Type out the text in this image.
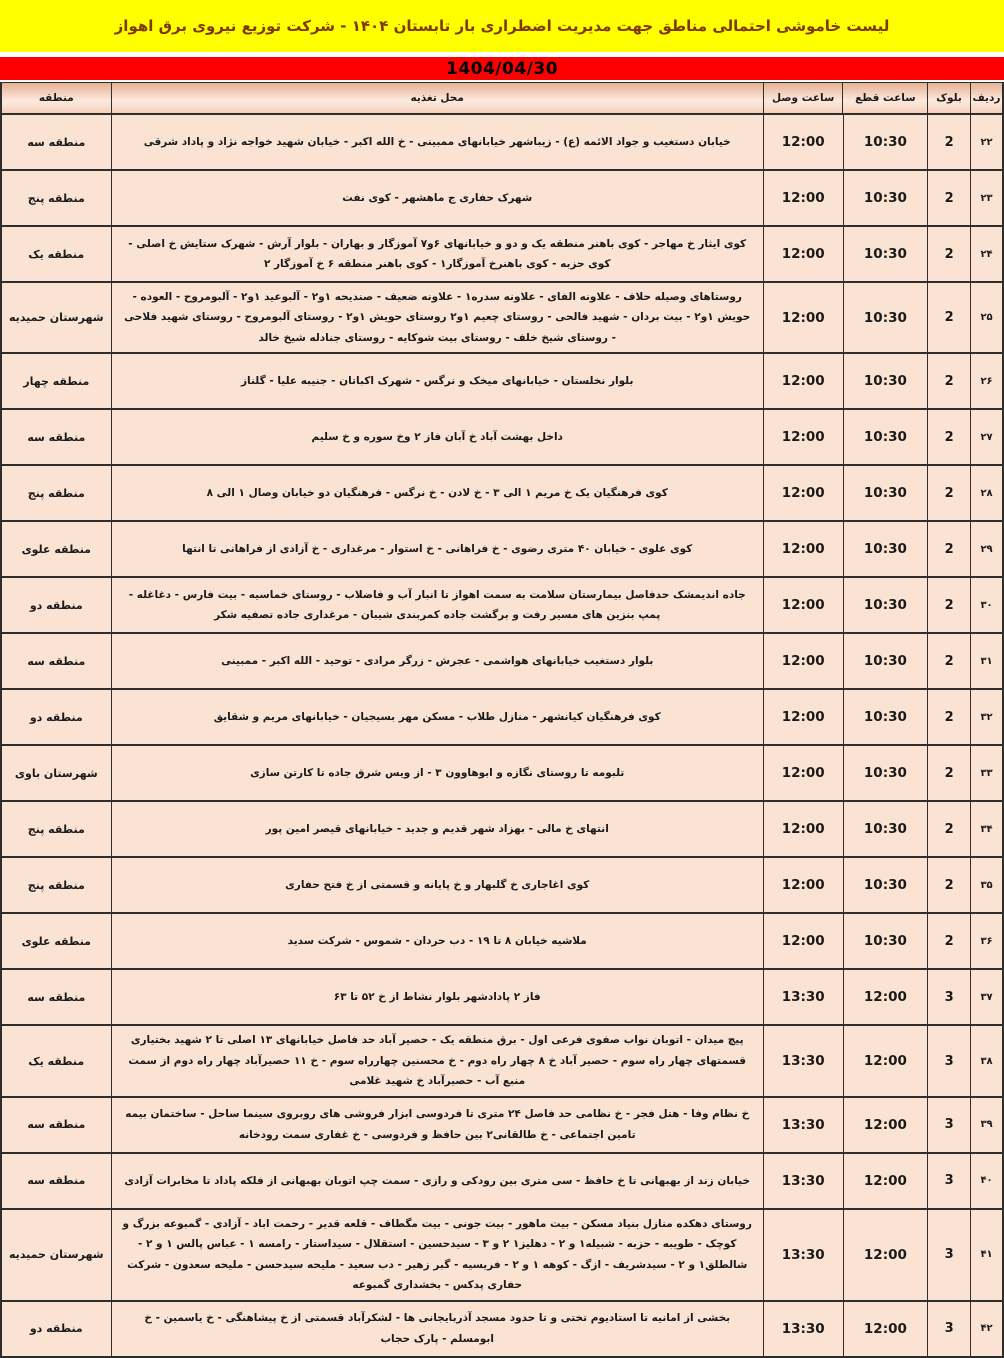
لیست خاموشی احتمالی مناطق جهت مدیریت اضطراری بار تابستان ۱۴۰۴ - شرکت توزیع نیروی برق اهواز
1404/04/30
ردیف
بلوک
ساعت قطع
ساعت وصل
محل تغذیه
منطقه
۲۲
2
10:30
12:00
خیابان دستغیب و جواد الائمه (ع) - زیباشهر خیابانهای ممبینی - خ الله اکبر - خیابان شهید خواجه نژاد و پاداد شرقی
منطقه سه
۲۳
2
10:30
12:00
شهرک حفاری ج ماهشهر - کوی نفت
منطقه پنج
۲۴
2
10:30
12:00
کوی ایثار خ مهاجر - کوی باهنر منطقه یک و دو و خیابانهای ۶و۷ آموزگار و بهاران - بلوار آرش - شهرک ستایش خ اصلی - کوی حزبه - کوی باهنرخ آموزگار۱ - کوی باهنر منطقه ۶ خ آموزگار ۲
منطقه یک
۲۵
2
10:30
12:00
روستاهای وصیله حلاف - علاونه الفای - علاونه سدره۱ - علاونه ضعیف - صندیحه ۱و۲ - آلبوعید ۱و۲ - آلبومروح - العوده - حویش ۱و۲ - بیت بردان - شهید فالحی - روستای چعیم ۱و۲ روستای حویش ۱و۲ - روستای آلبومروح - روستای شهید فلاحی - روستای شیخ خلف - روستای بیت شوکایه - روستای جنادله شیخ خالد
شهرستان حمیدیه
۲۶
2
10:30
12:00
بلوار نخلستان - خیابانهای میخک و نرگس - شهرک اکباتان - جنیبه علیا - گلناز
منطقه چهار
۲۷
2
10:30
12:00
داخل بهشت آباد خ آبان فاز ۲ وخ سوره و خ سلیم
منطقه سه
۲۸
2
10:30
12:00
کوی فرهنگیان یک خ مریم ۱ الی ۳ - خ لادن - خ نرگس - فرهنگیان دو خیابان وصال ۱ الی ۸
منطقه پنج
۲۹
2
10:30
12:00
کوی علوی - خیابان ۴۰ متری رضوی - خ فراهانی - خ استوار - مرغداری - خ آزادی از فراهانی تا انتها
منطقه علوی
۳۰
2
10:30
12:00
جاده اندیمشک حدفاصل بیمارستان سلامت به سمت اهواز تا انبار آب و فاضلاب - روستای خماسیه - بیت فارس - دغاغله - پمپ بنزین های مسیر رفت و برگشت جاده کمربندی شیبان - مرغداری جاده تصفیه شکر
منطقه دو
۳۱
2
10:30
12:00
بلوار دستغیب خیابانهای هواشمی - عجرش - زرگر مرادی - توحید - الله اکبر - ممبینی
منطقه سه
۳۲
2
10:30
12:00
کوی فرهنگیان کیانشهر - منازل طلاب - مسکن مهر بسیجیان - خیابانهای مریم و شقایق
منطقه دو
۳۳
2
10:30
12:00
تلبومه تا روستای نگازه و ابوهاوون ۳ - از ویس شرق جاده تا کارتن سازی
شهرستان باوی
۳۴
2
10:30
12:00
انتهای خ مالی - بهزاد شهر قدیم و جدید - خیابانهای قیصر امین پور
منطقه پنج
۳۵
2
10:30
12:00
کوی اغاجاری خ گلبهار و خ پایانه و قسمتی از خ فتح حفاری
منطقه پنج
۳۶
2
10:30
12:00
ملاشیه خیابان ۸ تا ۱۹ - دب حردان - شموس - شرکت سدید
منطقه علوی
۳۷
3
12:00
13:30
فاز ۲ پادادشهر بلوار نشاط از خ ۵۲ تا ۶۳
منطقه سه
۳۸
3
12:00
13:30
پیچ میدان - اتوبان نواب صفوی فرعی اول - برق منطقه یک - حصیر آباد حد فاصل خیابانهای ۱۳ اصلی تا ۲ شهید بختیاری قسمتهای چهار راه سوم - حصیر آباد خ ۸ چهار راه دوم - خ محسنین چهارراه سوم - خ ۱۱ حصیرآباد چهار راه دوم از سمت منبع آب - حصیرآباد خ شهید غلامی
منطقه یک
۳۹
3
12:00
13:30
خ نظام وفا - هتل فجر - خ نظامی حد فاصل ۲۴ متری تا فردوسی ابزار فروشی های روبروی سینما ساحل - ساختمان بیمه تامین اجتماعی - خ طالقانی۲ بین حافظ و فردوسی - خ غفاری سمت رودخانه
منطقه سه
۴۰
3
12:00
13:30
خیابان زند از بهبهانی تا خ حافظ - سی متری بین رودکی و رازی - سمت چپ اتوبان بهبهانی از فلکه پاداد تا مخابرات آزادی
منطقه سه
۴۱
3
12:00
13:30
روستای دهکده منازل بنیاد مسکن - بیت ماهور - بیت جونی - بیت مگطاف - قلعه قدیر - رحمت اباد - آزادی - گمبوعه بزرگ و کوچک - طویبه - حزبه - شبیله۱ و ۲ - دهلیز۱ ۲ و ۳ - سیدحسین - استقلال - سیداستار - رامسه ۱ - عباس پالس ۱ و ۲ - شالطلق۱ و ۲ - سیدشریف - ازگ - کوهه ۱ و ۲ - فریسیه - گبر زهیر - دب سعید - ملیحه سیدحسن - ملیحه سعدون - شرکت حفاری پدکس - بخشداری گمبوعه
شهرستان حمیدیه
۴۲
3
12:00
13:30
بخشی از امانیه تا استادیوم تختی و تا حدود مسجد آذربایجانی ها - لشکرآباد قسمتی از خ پیشاهنگی - خ یاسمین - خ ابومسلم - پارک حجاب
منطقه دو
